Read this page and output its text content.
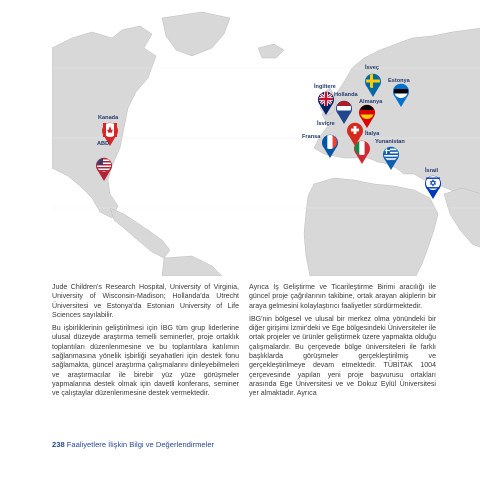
Kanada
ABD
İngiltere
Hollanda
İsveç
Estonya
Almanya
İsviçre
Fransa	İtalya
Yunanistan
İsrail

Jude Children's Research Hospital, University of Virginia, University of Wisconsin-Madison; Hollanda'da Utrecht Üniversitesi ve Estonya'da Estonian University of Life Sciences sayılabilir.

Bu işbirliklerinin geliştirilmesi için İBG tüm grup liderlerine ulusal düzeyde araştırma temelli seminerler, proje ortaklık toplantıları düzenlenmesine ve bu toplantılara katılımın sağlanmasına yönelik işbirliği seyahatleri için destek fonu sağlamakta, güncel araştırma çalışmalarını dinleyebilmeleri ve araştırmacılar ile birebir yüz yüze görüşmeler yapmalarına destek olmak için davetli konferans, seminer ve çalıştaylar düzenlenmesine destek vermektedir.

Ayrıca İş Geliştirme ve Ticarileştirme Birimi aracılığı ile güncel proje çağrılarının takibine, ortak arayan akiplerin bir araya gelmesini kolaylaştırıcı faaliyetler sürdürmektedir.

İBG'nin bölgesel ve ulusal bir merkez olma yönündeki bir diğer girişimi İzmir'deki ve Ege bölgesindeki Üniversiteler ile ortak projeler ve ürünler geliştirmek üzere yapmakta olduğu çalışmalardır. Bu çerçevede bölge üniversiteleri ile farklı başlıklarda görüşmeler gerçekleştirilmiş ve gerçekleştirilmeye devam etmektedir. TÜBİTAK 1004 çerçevesinde yapılan yeni proje başvurusu ortakları arasında Ege Üniversitesi ve ve Dokuz Eylül Üniversitesi yer almaktadır. Ayrıca

238 Faaliyetlere İlişkin Bilgi ve Değerlendirmeler
